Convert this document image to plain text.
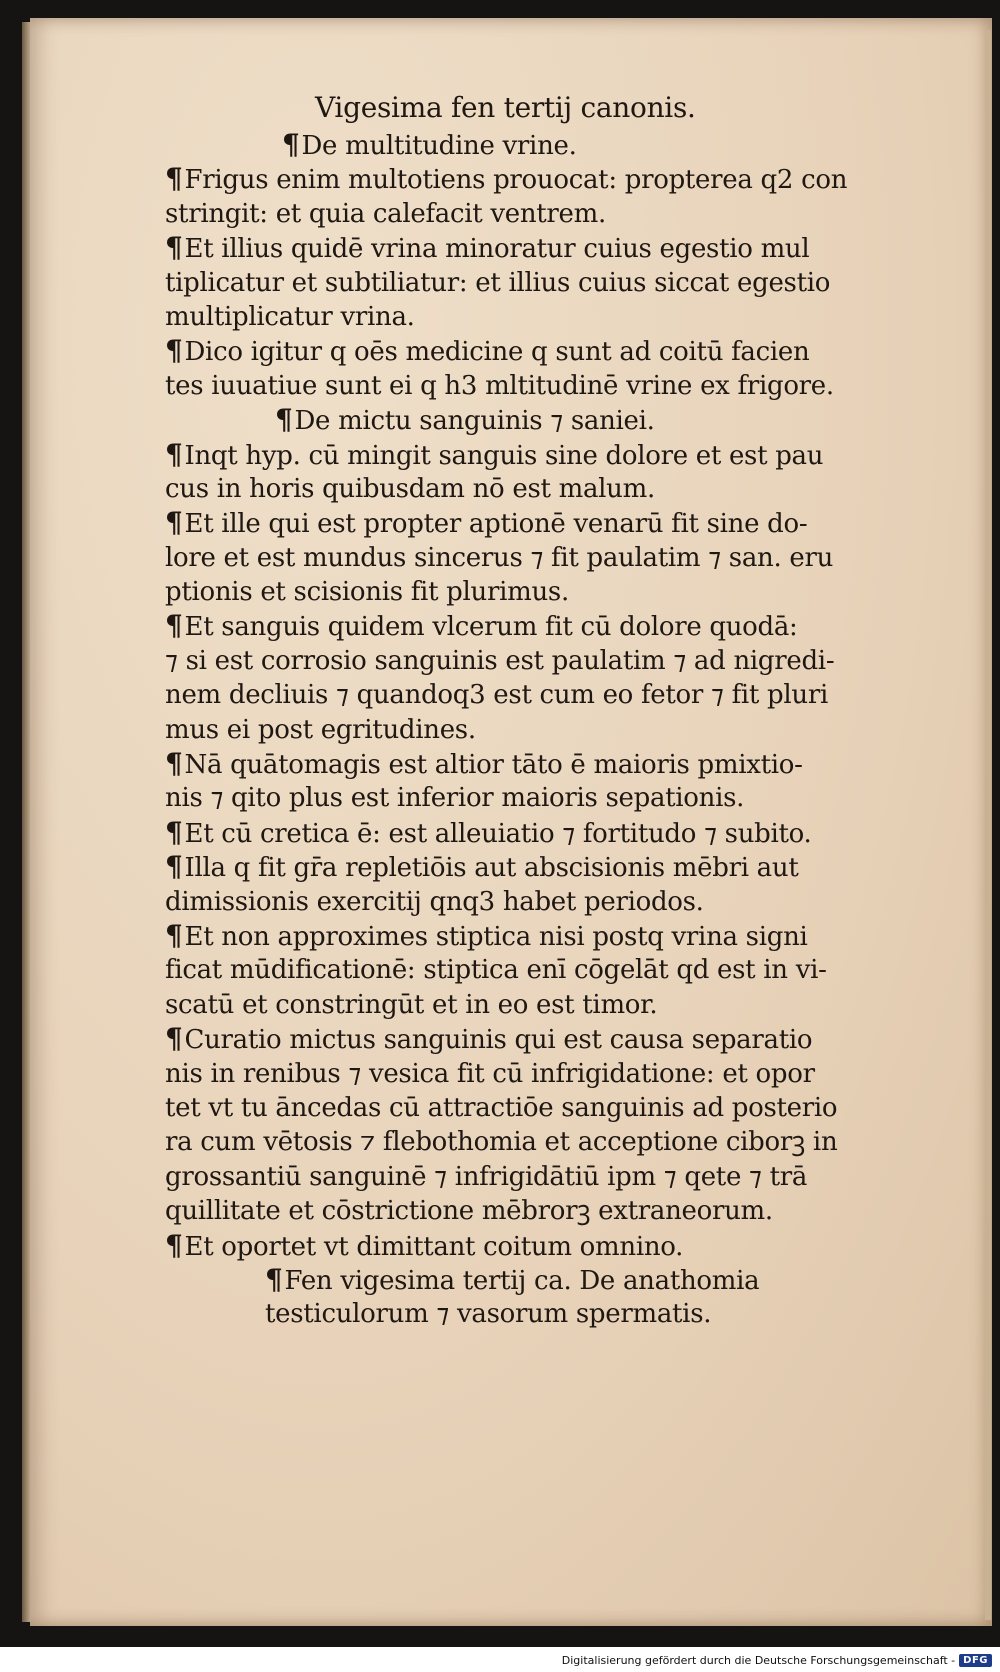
Vigesima fen tertij canonis.
¶De multitudine vrine.
¶Frigus enim multotiens prouocat: propterea q2 con
stringit: et quia calefacit ventrem.
¶Et illius quidē vrina minoratur cuius egestio mul
tiplicatur et subtiliatur: et illius cuius siccat egestio
multiplicatur vrina.
¶Dico igitur q oēs medicine q sunt ad coitū facien
tes iuuatiue sunt ei q h3 mltitudinē vrine ex frigore.
¶De mictu sanguinis ⁊ saniei.
¶Inqt hyp. cū mingit sanguis sine dolore et est pau
cus in horis quibusdam nō est malum.
¶Et ille qui est propter aptionē venarū fit sine do-
lore et est mundus sincerus ⁊ fit paulatim ⁊ san. eru
ptionis et scisionis fit plurimus.
¶Et sanguis quidem vlcerum fit cū dolore quodā:
⁊ si est corrosio sanguinis est paulatim ⁊ ad nigredi-
nem decliuis ⁊ quandoq3 est cum eo fetor ⁊ fit pluri
mus ei post egritudines.
¶Nā quātomagis est altior tāto ē maioris pmixtio-
nis ⁊ qito plus est inferior maioris sepationis.
¶Et cū cretica ē: est alleuiatio ⁊ fortitudo ⁊ subito.
¶Illa q fit gr̄a repletiōis aut abscisionis mēbri aut
dimissionis exercitij qnq3 habet periodos.
¶Et non approximes stiptica nisi postq vrina signi
ficat mūdificationē: stiptica enī cōgelāt qd est in vi-
scatū et constringūt et in eo est timor.
¶Curatio mictus sanguinis qui est causa separatio
nis in renibus ⁊ vesica fit cū infrigidatione: et opor
tet vt tu āncedas cū attractiōe sanguinis ad posterio
ra cum vētosis ⁊ flebothomia et acceptione ciborꝫ in
grossantiū sanguinē ⁊ infrigidātiū ipm ⁊ qete ⁊ trā
quillitate et cōstrictione mēbrorꝫ extraneorum.
¶Et oportet vt dimittant coitum omnino.
¶Fen vigesima tertij ca. De anathomia
testiculorum ⁊ vasorum spermatis.
Digitalisierung gefördert durch die Deutsche Forschungsgemeinschaft - DFG
